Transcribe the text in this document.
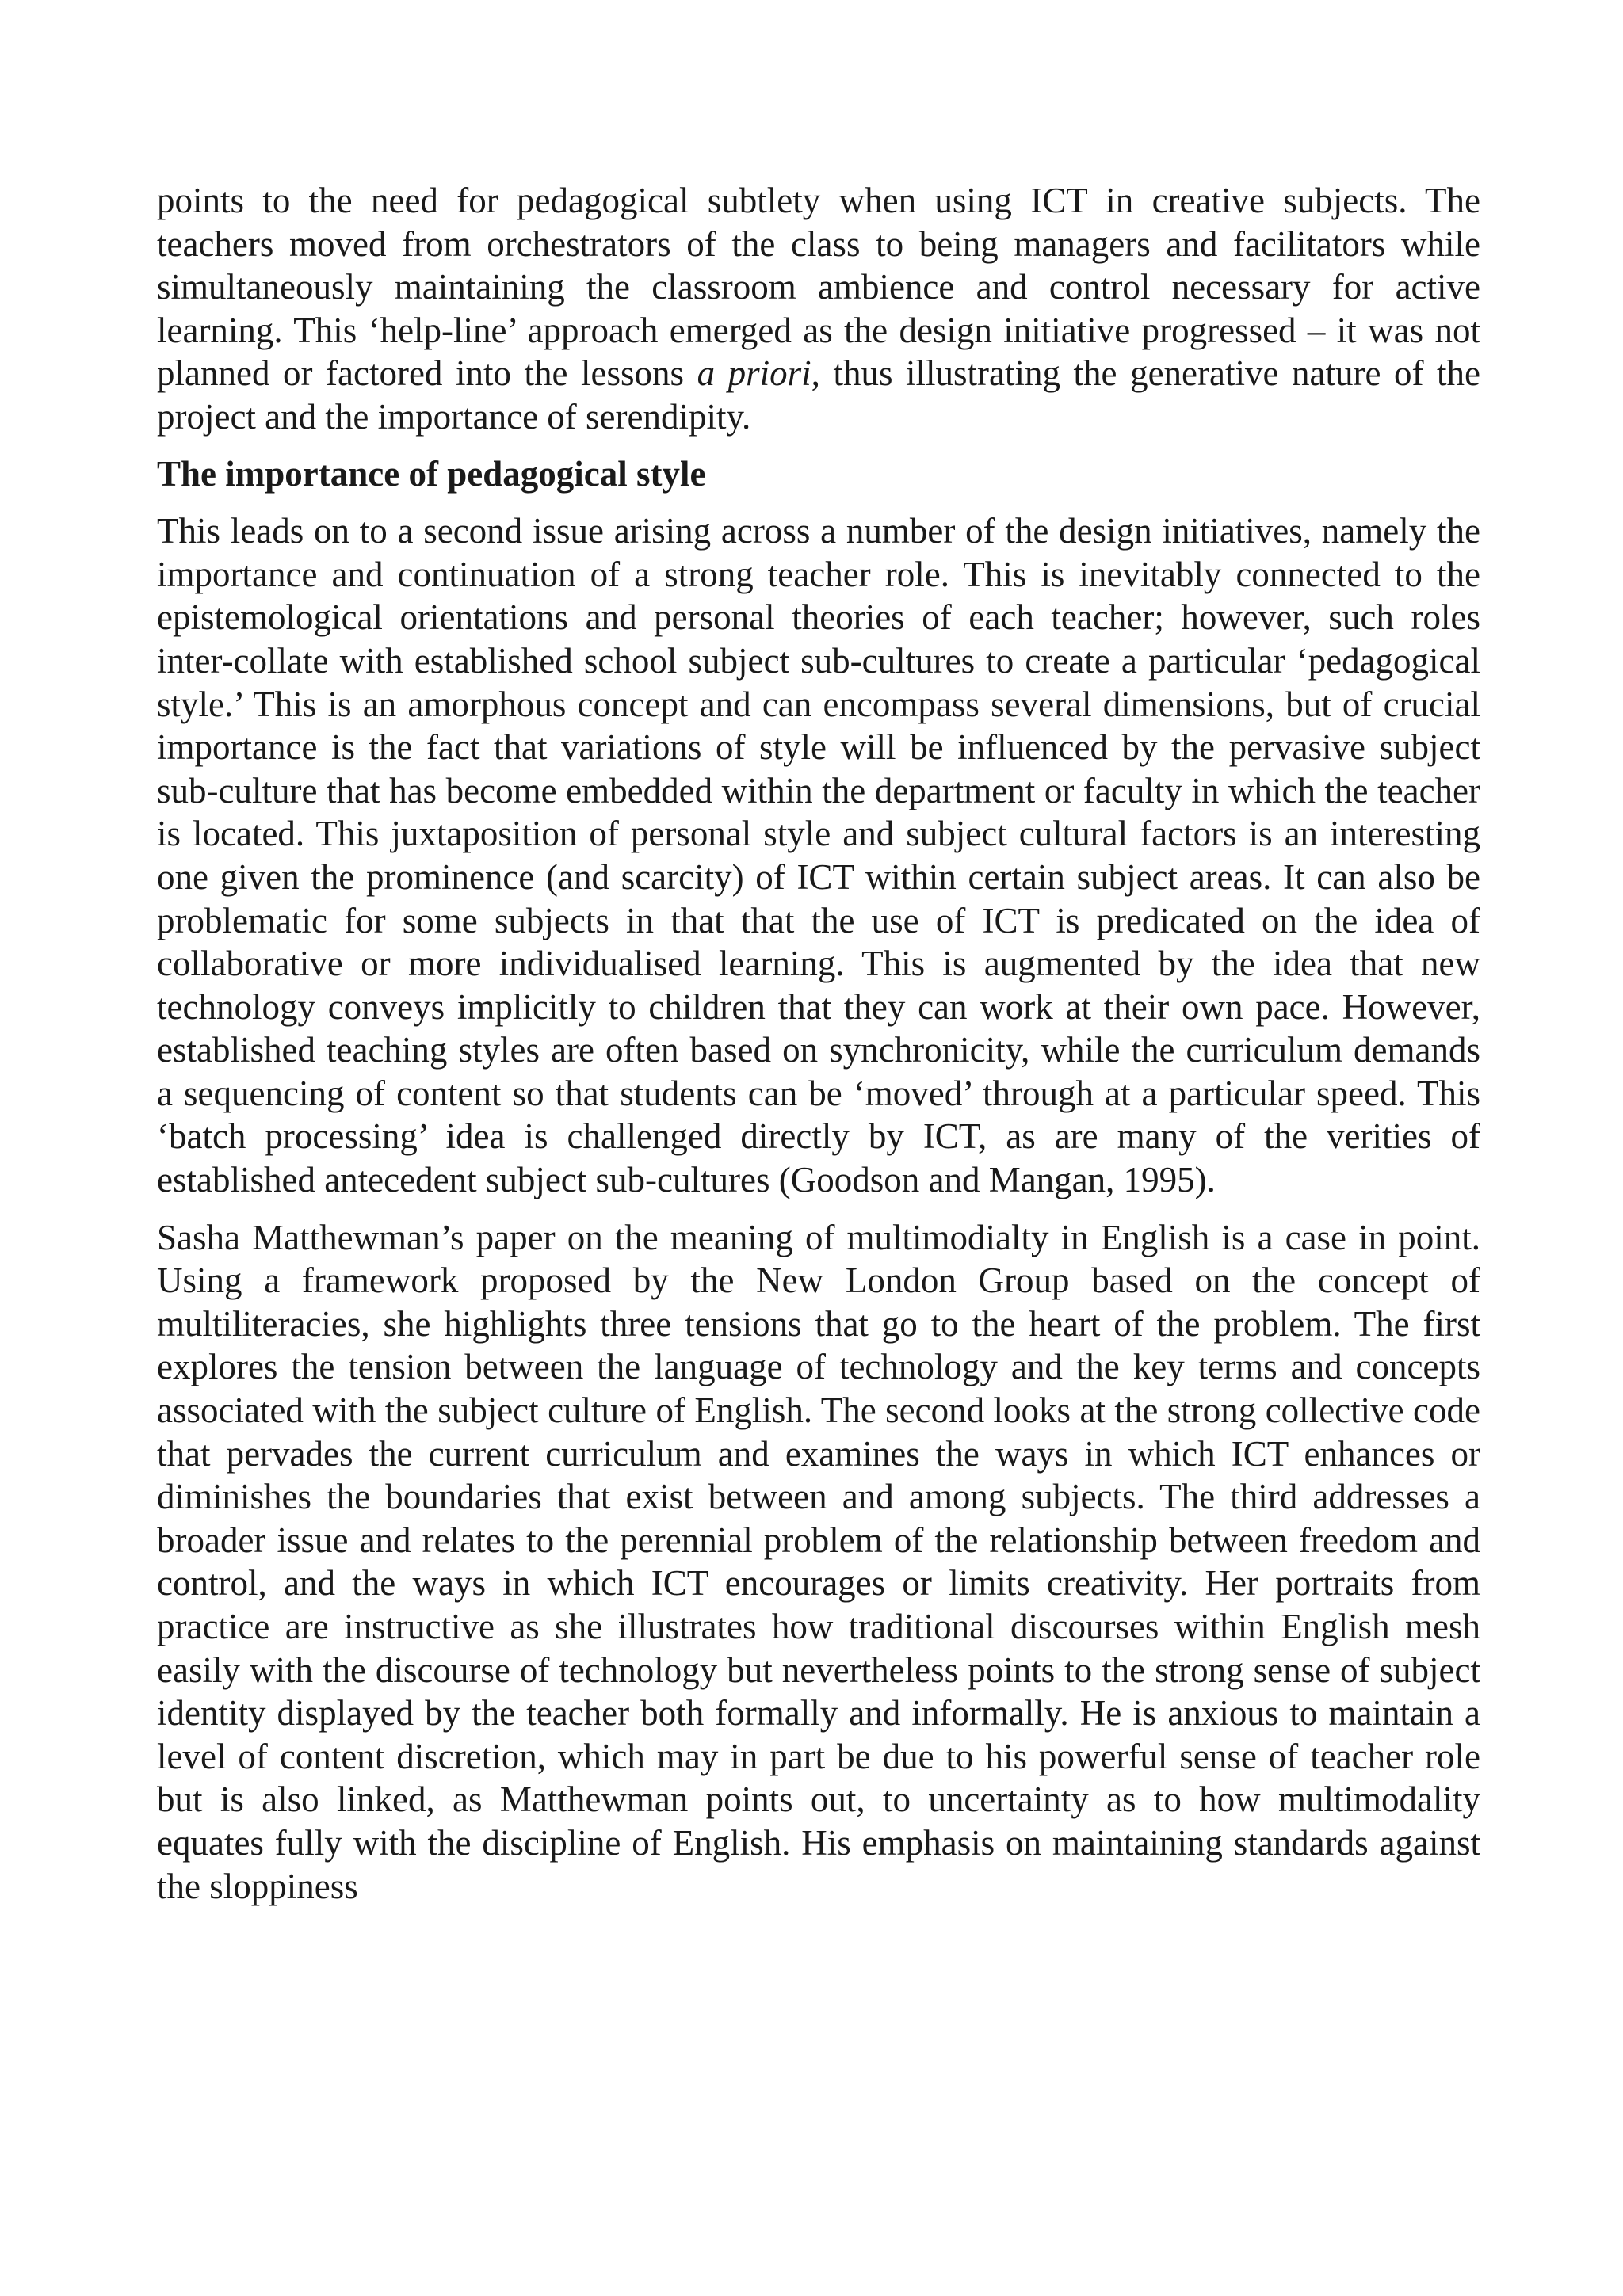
points to the need for pedagogical subtlety when using ICT in creative subjects. The teachers moved from orchestrators of the class to being managers and facilitators while simultaneously maintaining the classroom ambience and control necessary for active learning. This ‘help-line’ approach emerged as the design initiative progressed – it was not planned or factored into the lessons a priori, thus illustrating the generative nature of the project and the importance of serendipity.

The importance of pedagogical style

This leads on to a second issue arising across a number of the design initiatives, namely the importance and continuation of a strong teacher role. This is inevitably connected to the epistemological orientations and personal theories of each teacher; however, such roles inter-collate with established school subject sub-cultures to create a particular ‘pedagogical style.’ This is an amorphous concept and can encompass several dimensions, but of crucial importance is the fact that variations of style will be influenced by the pervasive subject sub-culture that has become embedded within the department or faculty in which the teacher is located. This juxtaposition of personal style and subject cultural factors is an interesting one given the prominence (and scarcity) of ICT within certain subject areas. It can also be problematic for some subjects in that that the use of ICT is predicated on the idea of collaborative or more individualised learning. This is augmented by the idea that new technology conveys implicitly to children that they can work at their own pace. However, established teaching styles are often based on synchronicity, while the curriculum demands a sequencing of content so that students can be ‘moved’ through at a particular speed. This ‘batch processing’ idea is challenged directly by ICT, as are many of the verities of established antecedent subject sub-cultures (Goodson and Mangan, 1995).

Sasha Matthewman’s paper on the meaning of multimodialty in English is a case in point. Using a framework proposed by the New London Group based on the concept of multiliteracies, she highlights three tensions that go to the heart of the problem. The first explores the tension between the language of technology and the key terms and concepts associated with the subject culture of English. The second looks at the strong collective code that pervades the current curriculum and examines the ways in which ICT enhances or diminishes the boundaries that exist between and among subjects. The third addresses a broader issue and relates to the perennial problem of the relationship between freedom and control, and the ways in which ICT encourages or limits creativity. Her portraits from practice are instructive as she illustrates how traditional discourses within English mesh easily with the discourse of technology but nevertheless points to the strong sense of subject identity displayed by the teacher both formally and informally. He is anxious to maintain a level of content discretion, which may in part be due to his powerful sense of teacher role but is also linked, as Matthewman points out, to uncertainty as to how multimodality equates fully with the discipline of English. His emphasis on maintaining standards against the sloppiness
